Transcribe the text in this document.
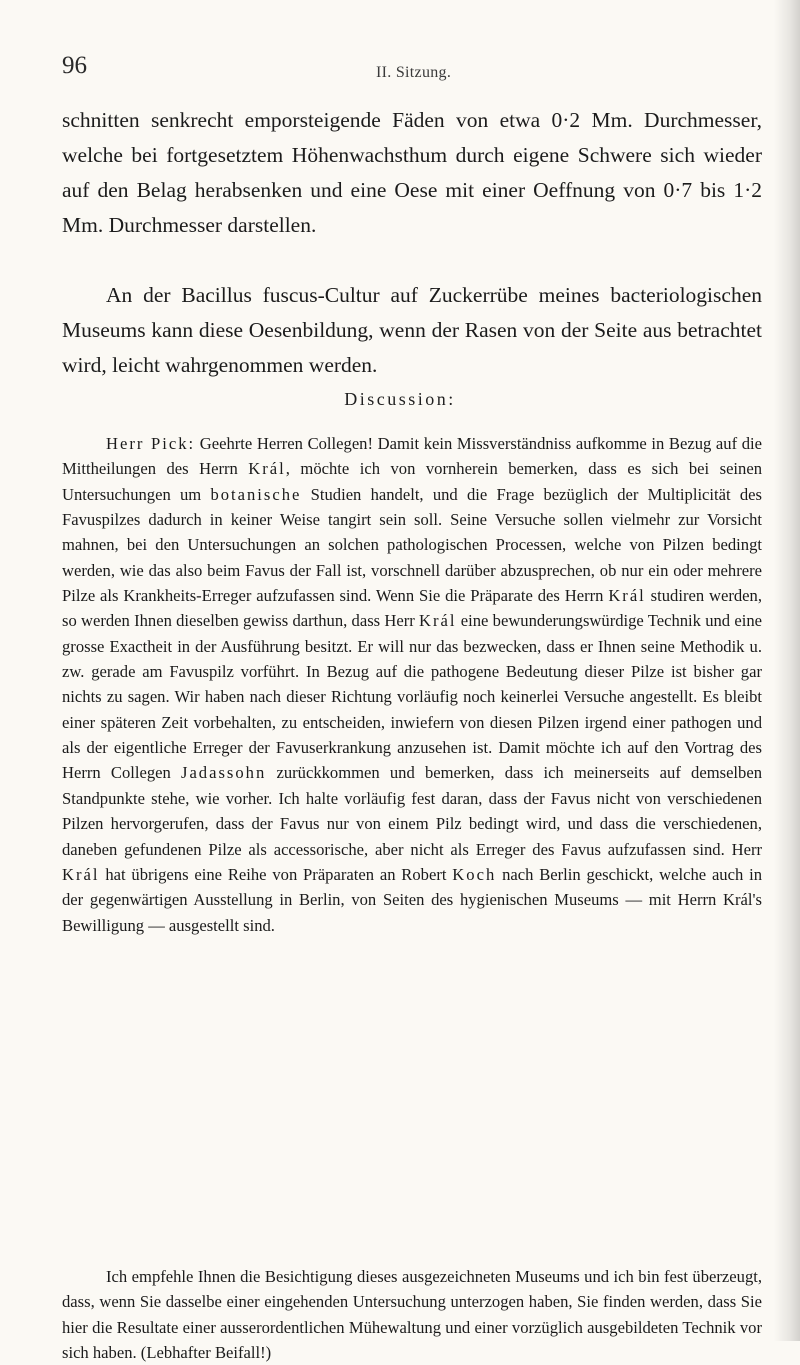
96	II. Sitzung.

schnitten senkrecht emporsteigende Fäden von etwa 0·2 Mm. Durchmesser, welche bei fortgesetztem Höhenwachsthum durch eigene Schwere sich wieder auf den Belag herabsenken und eine Oese mit einer Oeffnung von 0·7 bis 1·2 Mm. Durchmesser darstellen.

An der Bacillus fuscus-Cultur auf Zuckerrübe meines bacteriologischen Museums kann diese Oesenbildung, wenn der Rasen von der Seite aus betrachtet wird, leicht wahrgenommen werden.

Discussion:

Herr Pick: Geehrte Herren Collegen! Damit kein Missverständniss aufkomme in Bezug auf die Mittheilungen des Herrn Král, möchte ich von vornherein bemerken, dass es sich bei seinen Untersuchungen um botanische Studien handelt, und die Frage bezüglich der Multiplicität des Favuspilzes dadurch in keiner Weise tangirt sein soll. Seine Versuche sollen vielmehr zur Vorsicht mahnen, bei den Untersuchungen an solchen pathologischen Processen, welche von Pilzen bedingt werden, wie das also beim Favus der Fall ist, vorschnell darüber abzusprechen, ob nur ein oder mehrere Pilze als Krankheits-Erreger aufzufassen sind. Wenn Sie die Präparate des Herrn Král studiren werden, so werden Ihnen dieselben gewiss darthun, dass Herr Král eine bewunderungswürdige Technik und eine grosse Exactheit in der Ausführung besitzt. Er will nur das bezwecken, dass er Ihnen seine Methodik u. zw. gerade am Favuspilz vorführt. In Bezug auf die pathogene Bedeutung dieser Pilze ist bisher gar nichts zu sagen. Wir haben nach dieser Richtung vorläufig noch keinerlei Versuche angestellt. Es bleibt einer späteren Zeit vorbehalten, zu entscheiden, inwiefern von diesen Pilzen irgend einer pathogen und als der eigentliche Erreger der Favuserkrankung anzusehen ist. Damit möchte ich auf den Vortrag des Herrn Collegen Jadassohn zurückkommen und bemerken, dass ich meinerseits auf demselben Standpunkte stehe, wie vorher. Ich halte vorläufig fest daran, dass der Favus nicht von verschiedenen Pilzen hervorgerufen, dass der Favus nur von einem Pilz bedingt wird, und dass die verschiedenen, daneben gefundenen Pilze als accessorische, aber nicht als Erreger des Favus aufzufassen sind. Herr Král hat übrigens eine Reihe von Präparaten an Robert Koch nach Berlin geschickt, welche auch in der gegenwärtigen Ausstellung in Berlin, von Seiten des hygienischen Museums — mit Herrn Král's Bewilligung — ausgestellt sind.

Ich empfehle Ihnen die Besichtigung dieses ausgezeichneten Museums und ich bin fest überzeugt, dass, wenn Sie dasselbe einer eingehenden Untersuchung unterzogen haben, Sie finden werden, dass Sie hier die Resultate einer ausserordentlichen Mühewaltung und einer vorzüglich ausgebildeten Technik vor sich haben. (Lebhafter Beifall!)
